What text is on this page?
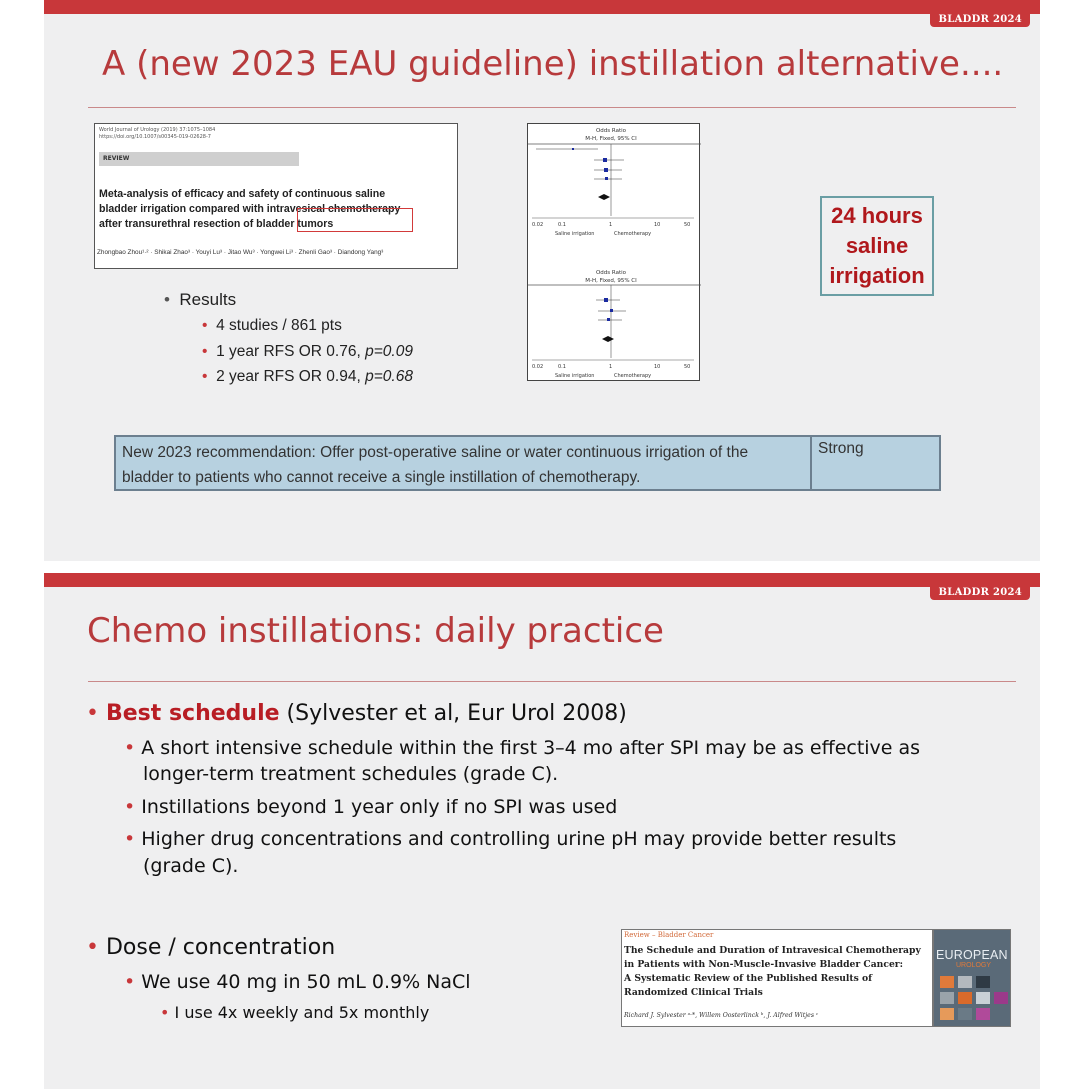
BLADDR 2024
A (new 2023 EAU guideline) instillation alternative....
World Journal of Urology (2019) 37:1075–1084
https://doi.org/10.1007/s00345-019-02628-7
REVIEW
Meta-analysis of efficacy and safety of continuous saline
bladder irrigation compared with intravesical chemotherapy
after transurethral resection of bladder tumors
Zhongbao Zhou¹·² · Shikai Zhao³ · Youyi Lu³ · Jitao Wu³ · Yongwei Li³ · Zhenli Gao³ · Diandong Yang³
• Results
• 4 studies / 861 pts
• 1 year RFS OR 0.76, p=0.09
• 2 year RFS OR 0.94, p=0.68
Odds Ratio
M-H, Fixed, 95% CI
0.02	0.1	1	10	50
Saline irrigation	Chemotherapy
Odds Ratio
M-H, Fixed, 95% CI
0.02	0.1	1	10	50
Saline irrigation	Chemotherapy
24 hours
saline
irrigation
New 2023 recommendation: Offer post-operative saline or water continuous irrigation of the
bladder to patients who cannot receive a single instillation of chemotherapy.
Strong
BLADDR 2024
Chemo instillations: daily practice
• Best schedule (Sylvester et al, Eur Urol 2008)
• A short intensive schedule within the first 3–4 mo after SPI may be as effective as
longer-term treatment schedules (grade C).
• Instillations beyond 1 year only if no SPI was used
• Higher drug concentrations and controlling urine pH may provide better results
(grade C).
• Dose / concentration
• We use 40 mg in 50 mL 0.9% NaCl
• I use 4x weekly and 5x monthly
Review – Bladder Cancer
The Schedule and Duration of Intravesical Chemotherapy
in Patients with Non-Muscle-Invasive Bladder Cancer:
A Systematic Review of the Published Results of
Randomized Clinical Trials
Richard J. Sylvester ᵃ·*, Willem Oosterlinck ᵇ, J. Alfred Witjes ᶜ
EUROPEAN
UROLOGY
